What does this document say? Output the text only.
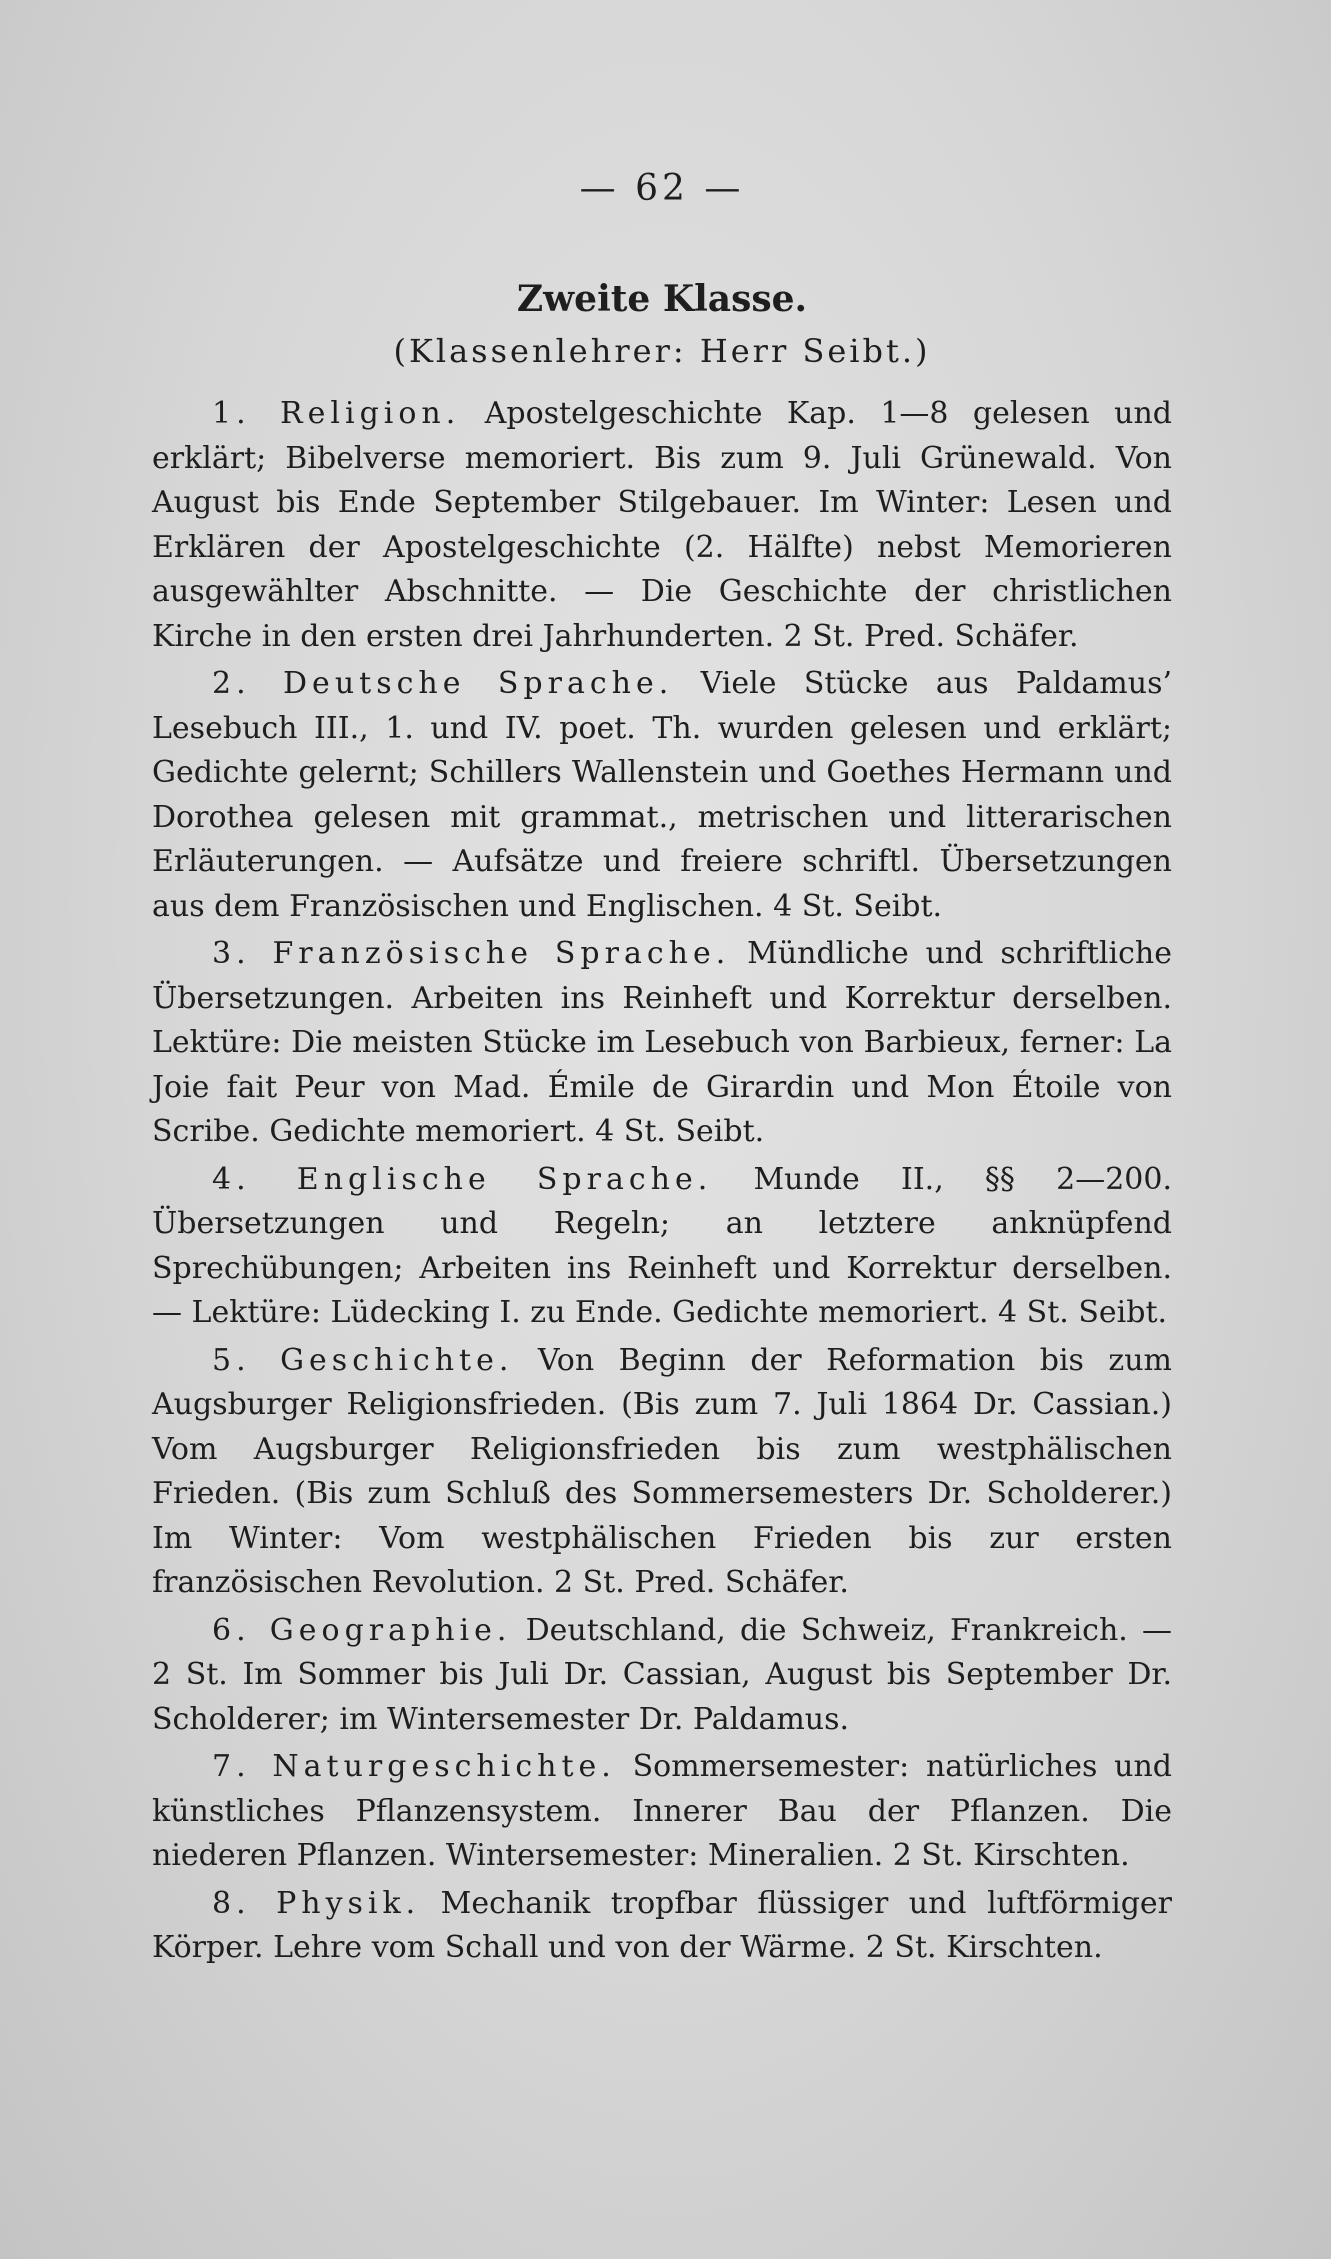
— 62 —
Zweite Klasse.
(Klassenlehrer: Herr Seibt.)

1. Religion. Apostelgeschichte Kap. 1—8 gelesen und erklärt; Bibelverse memoriert. Bis zum 9. Juli Grünewald. Von August bis Ende September Stilgebauer. Im Winter: Lesen und Erklären der Apostelgeschichte (2. Hälfte) nebst Memorieren ausgewählter Abschnitte. — Die Geschichte der christlichen Kirche in den ersten drei Jahrhunderten. 2 St. Pred. Schäfer.

2. Deutsche Sprache. Viele Stücke aus Paldamus’ Lesebuch III., 1. und IV. poet. Th. wurden gelesen und erklärt; Gedichte gelernt; Schillers Wallenstein und Goethes Hermann und Dorothea gelesen mit grammat., metrischen und litterarischen Erläuterungen. — Aufsätze und freiere schriftl. Übersetzungen aus dem Französischen und Englischen. 4 St. Seibt.

3. Französische Sprache. Mündliche und schriftliche Übersetzungen. Arbeiten ins Reinheft und Korrektur derselben. Lektüre: Die meisten Stücke im Lesebuch von Barbieux, ferner: La Joie fait Peur von Mad. Émile de Girardin und Mon Étoile von Scribe. Gedichte memoriert. 4 St. Seibt.

4. Englische Sprache. Munde II., §§ 2—200. Übersetzungen und Regeln; an letztere anknüpfend Sprechübungen; Arbeiten ins Reinheft und Korrektur derselben. — Lektüre: Lüdecking I. zu Ende. Gedichte memoriert. 4 St. Seibt.

5. Geschichte. Von Beginn der Reformation bis zum Augsburger Religionsfrieden. (Bis zum 7. Juli 1864 Dr. Cassian.) Vom Augsburger Religionsfrieden bis zum westphälischen Frieden. (Bis zum Schluß des Sommersemesters Dr. Scholderer.) Im Winter: Vom westphälischen Frieden bis zur ersten französischen Revolution. 2 St. Pred. Schäfer.

6. Geographie. Deutschland, die Schweiz, Frankreich. — 2 St. Im Sommer bis Juli Dr. Cassian, August bis September Dr. Scholderer; im Wintersemester Dr. Paldamus.

7. Naturgeschichte. Sommersemester: natürliches und künstliches Pflanzensystem. Innerer Bau der Pflanzen. Die niederen Pflanzen. Wintersemester: Mineralien. 2 St. Kirschten.

8. Physik. Mechanik tropfbar flüssiger und luftförmiger Körper. Lehre vom Schall und von der Wärme. 2 St. Kirschten.
